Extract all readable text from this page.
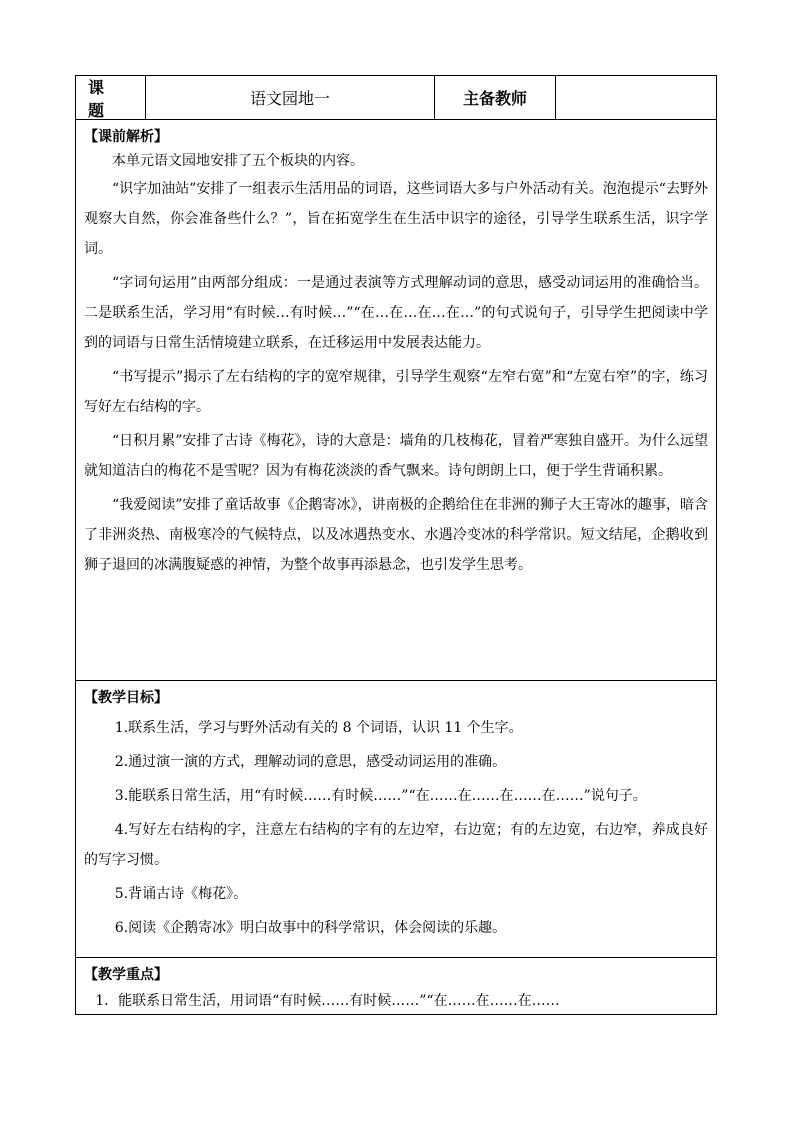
课题
语文园地一	主备教师
【课前解析】

本单元语文园地安排了五个板块的内容。

“识字加油站”安排了一组表示生活用品的词语，这些词语大多与户外活动有关。泡泡提示“去野外观察大自然，你会准备些什么？”，旨在拓宽学生在生活中识字的途径，引导学生联系生活，识字学词。

“字词句运用”由两部分组成：一是通过表演等方式理解动词的意思，感受动词运用的准确恰当。二是联系生活，学习用“有时候…有时候…”“在…在…在…在…”的句式说句子，引导学生把阅读中学到的词语与日常生活情境建立联系，在迁移运用中发展表达能力。

“书写提示”揭示了左右结构的字的宽窄规律，引导学生观察“左窄右宽”和“左宽右窄”的字，练习写好左右结构的字。

“日积月累”安排了古诗《梅花》，诗的大意是：墙角的几枝梅花，冒着严寒独自盛开。为什么远望就知道洁白的梅花不是雪呢？因为有梅花淡淡的香气飘来。诗句朗朗上口，便于学生背诵积累。

“我爱阅读”安排了童话故事《企鹅寄冰》，讲南极的企鹅给住在非洲的狮子大王寄冰的趣事，暗含了非洲炎热、南极寒冷的气候特点，以及冰遇热变水、水遇冷变冰的科学常识。短文结尾，企鹅收到狮子退回的冰满腹疑惑的神情，为整个故事再添悬念，也引发学生思考。

【教学目标】

1.联系生活，学习与野外活动有关的 8 个词语，认识 11 个生字。

2.通过演一演的方式，理解动词的意思，感受动词运用的准确。

3.能联系日常生活，用“有时候……有时候……”“在……在……在……在……”说句子。

4.写好左右结构的字，注意左右结构的字有的左边窄，右边宽；有的左边宽，右边窄，养成良好的写字习惯。

5.背诵古诗《梅花》。

6.阅读《企鹅寄冰》明白故事中的科学常识，体会阅读的乐趣。

【教学重点】

1．能联系日常生活，用词语“有时候……有时候……”“在……在……在……
